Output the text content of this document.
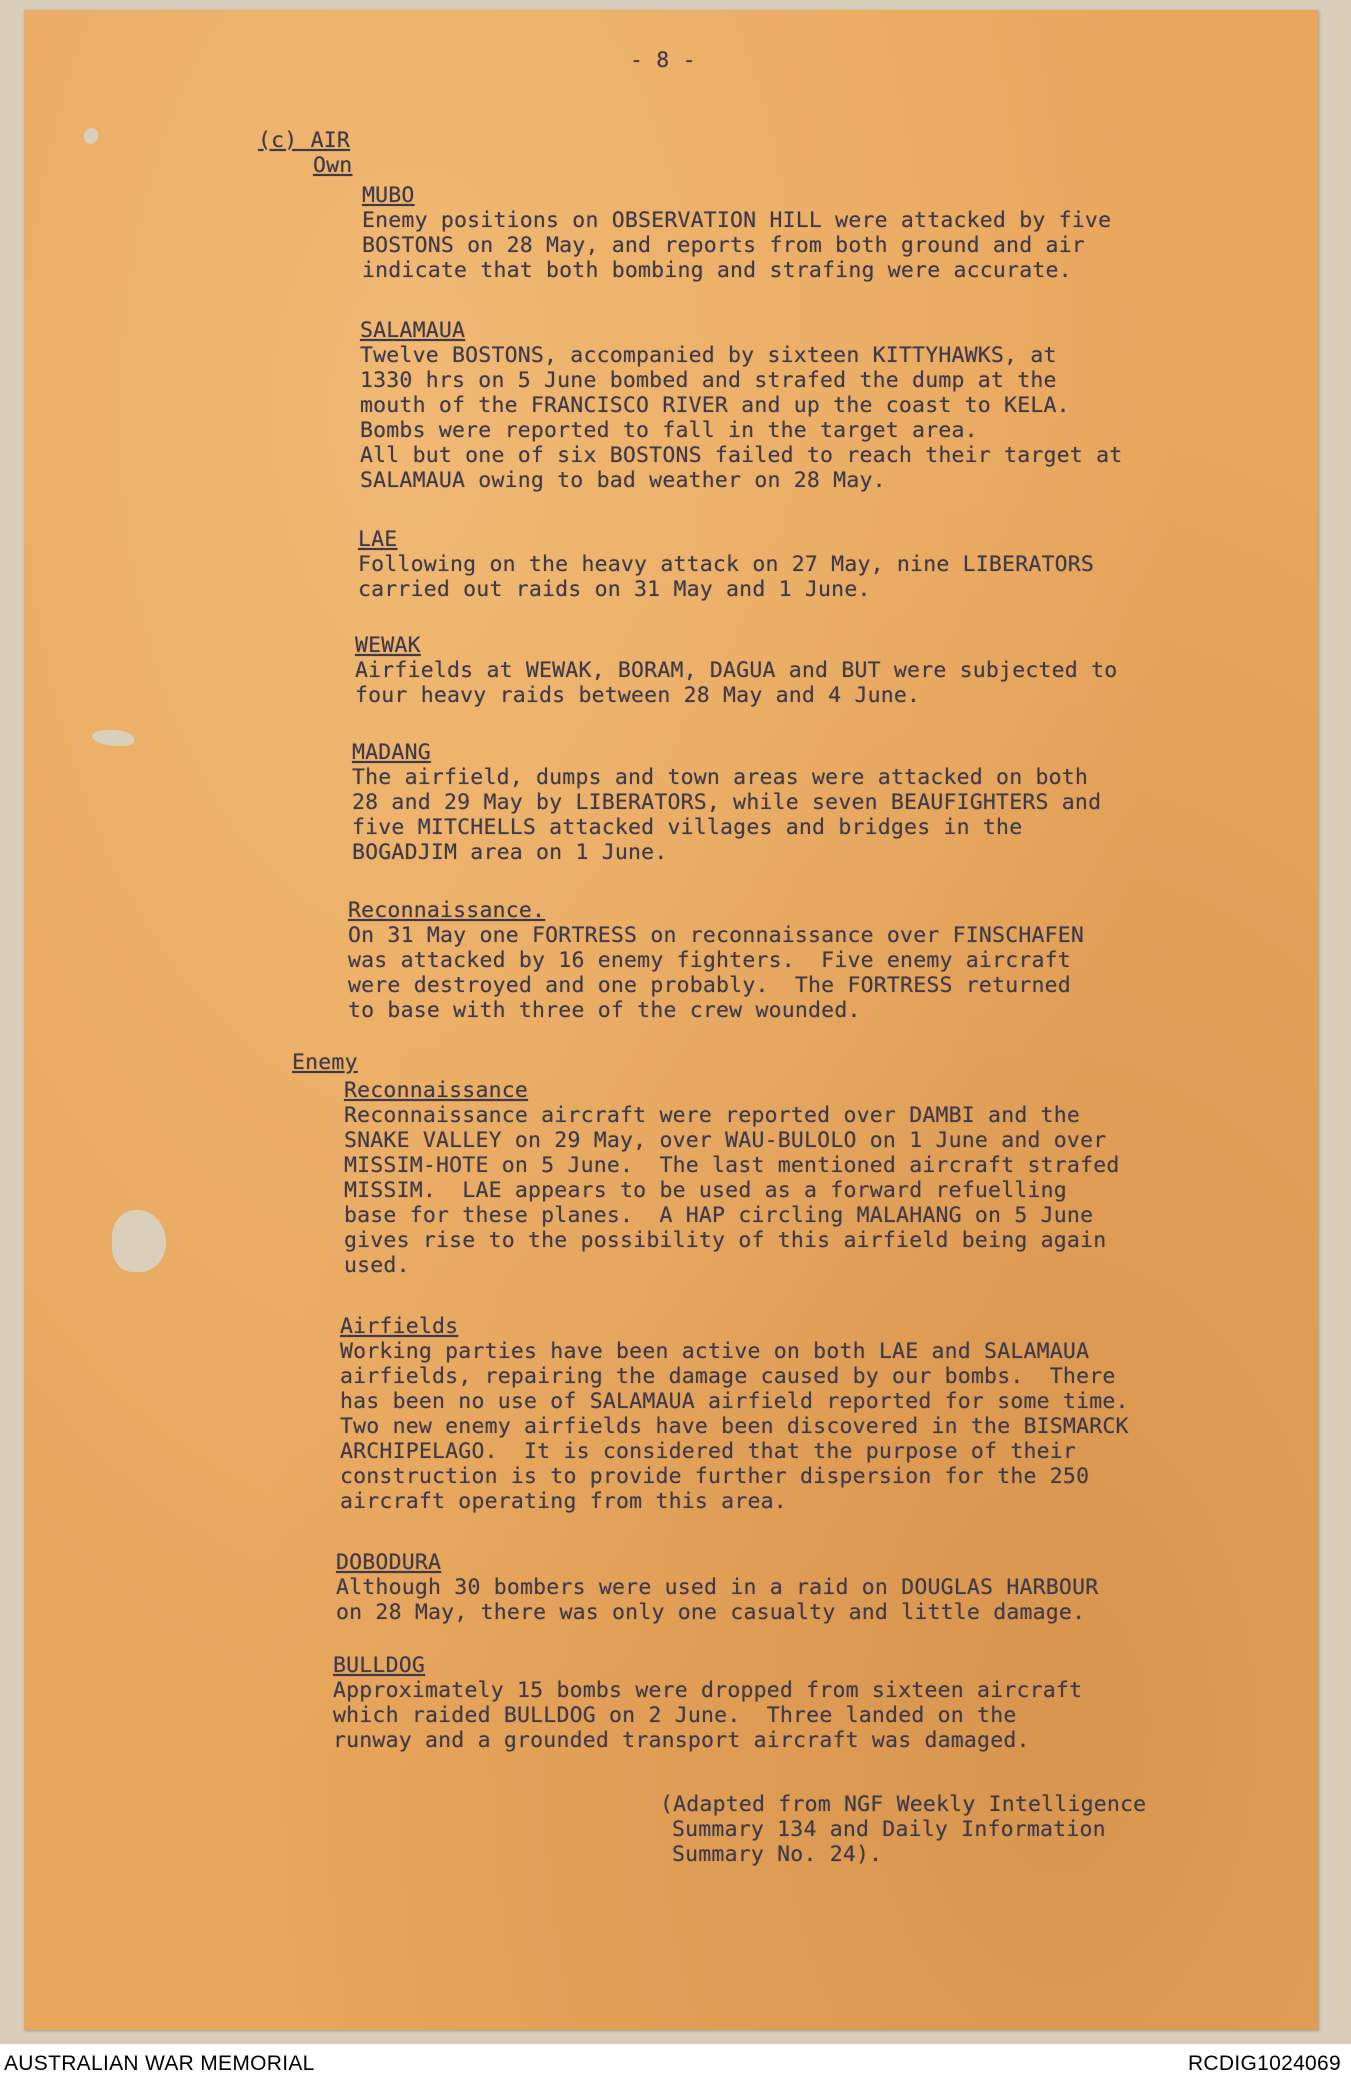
- 8 -
(c) AIR
Own
MUBO
Enemy positions on OBSERVATION HILL were attacked by five
BOSTONS on 28 May, and reports from both ground and air
indicate that both bombing and strafing were accurate.
SALAMAUA
Twelve BOSTONS, accompanied by sixteen KITTYHAWKS, at
1330 hrs on 5 June bombed and strafed the dump at the
mouth of the FRANCISCO RIVER and up the coast to KELA.
Bombs were reported to fall in the target area.
All but one of six BOSTONS failed to reach their target at
SALAMAUA owing to bad weather on 28 May.
LAE
Following on the heavy attack on 27 May, nine LIBERATORS
carried out raids on 31 May and 1 June.
WEWAK
Airfields at WEWAK, BORAM, DAGUA and BUT were subjected to
four heavy raids between 28 May and 4 June.
MADANG
The airfield, dumps and town areas were attacked on both
28 and 29 May by LIBERATORS, while seven BEAUFIGHTERS and
five MITCHELLS attacked villages and bridges in the
BOGADJIM area on 1 June.
Reconnaissance.
On 31 May one FORTRESS on reconnaissance over FINSCHAFEN
was attacked by 16 enemy fighters.  Five enemy aircraft
were destroyed and one probably.  The FORTRESS returned
to base with three of the crew wounded.
Enemy
Reconnaissance
Reconnaissance aircraft were reported over DAMBI and the
SNAKE VALLEY on 29 May, over WAU-BULOLO on 1 June and over
MISSIM-HOTE on 5 June.  The last mentioned aircraft strafed
MISSIM.  LAE appears to be used as a forward refuelling
base for these planes.  A HAP circling MALAHANG on 5 June
gives rise to the possibility of this airfield being again
used.
Airfields
Working parties have been active on both LAE and SALAMAUA
airfields, repairing the damage caused by our bombs.  There
has been no use of SALAMAUA airfield reported for some time.
Two new enemy airfields have been discovered in the BISMARCK
ARCHIPELAGO.  It is considered that the purpose of their
construction is to provide further dispersion for the 250
aircraft operating from this area.
DOBODURA
Although 30 bombers were used in a raid on DOUGLAS HARBOUR
on 28 May, there was only one casualty and little damage.
BULLDOG
Approximately 15 bombs were dropped from sixteen aircraft
which raided BULLDOG on 2 June.  Three landed on the
runway and a grounded transport aircraft was damaged.
(Adapted from NGF Weekly Intelligence
Summary 134 and Daily Information
Summary No. 24).
AUSTRALIAN WAR MEMORIAL	RCDIG1024069
